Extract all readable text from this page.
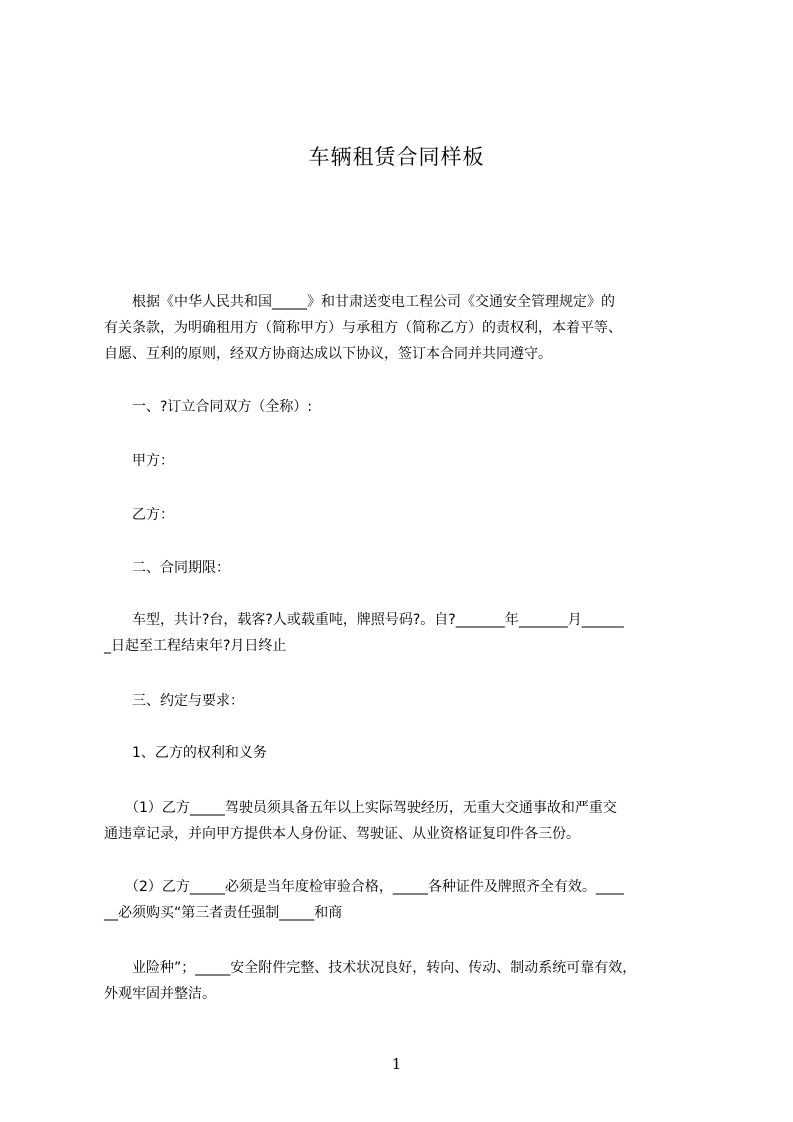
车辆租赁合同样板
　　根据《中华人民共和国_____》和甘肃送变电工程公司《交通安全管理规定》的
有关条款，为明确租用方（简称甲方）与承租方（简称乙方）的责权利，本着平等、
自愿、互利的原则，经双方协商达成以下协议，签订本合同并共同遵守。
　　一、?订立合同双方（全称）:
　　甲方：
　　乙方：
　　二、合同期限：
　　车型，共计?台，载客?人或载重吨，牌照号码?。自?_______年_______月______
_日起至工程结束年?月日终止
　　三、约定与要求：
　　1、乙方的权利和义务
　　（1）乙方_____驾驶员须具备五年以上实际驾驶经历，无重大交通事故和严重交
通违章记录，并向甲方提供本人身份证、驾驶证、从业资格证复印件各三份。
　　（2）乙方_____必须是当年度检审验合格，_____各种证件及牌照齐全有效。____
__必须购买“第三者责任强制_____和商
　　业险种”；_____安全附件完整、技术状况良好，转向、传动、制动系统可靠有效，
外观牢固并整洁。
1
